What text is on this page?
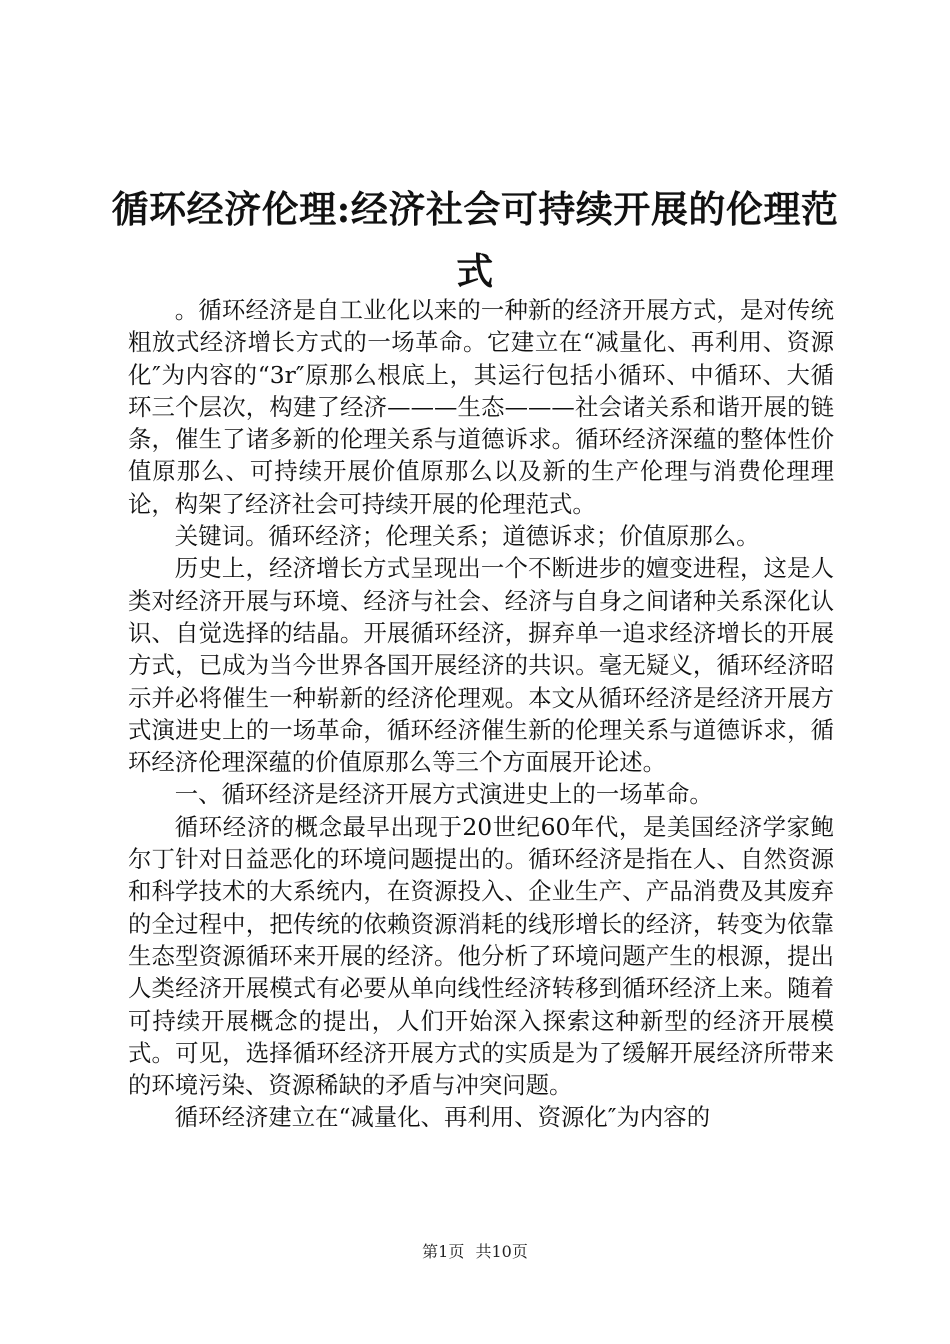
循环经济伦理:经济社会可持续开展的伦理范式

。循环经济是自工业化以来的一种新的经济开展方式，是对传统粗放式经济增长方式的一场革命。它建立在“减量化、再利用、资源化″为内容的“3r″原那么根底上，其运行包括小循环、中循环、大循环三个层次，构建了经济———生态———社会诸关系和谐开展的链条，催生了诸多新的伦理关系与道德诉求。循环经济深蕴的整体性价值原那么、可持续开展价值原那么以及新的生产伦理与消费伦理理论，构架了经济社会可持续开展的伦理范式。

关键词。循环经济；伦理关系；道德诉求；价值原那么。

历史上，经济增长方式呈现出一个不断进步的嬗变进程，这是人类对经济开展与环境、经济与社会、经济与自身之间诸种关系深化认识、自觉选择的结晶。开展循环经济，摒弃单一追求经济增长的开展方式，已成为当今世界各国开展经济的共识。毫无疑义，循环经济昭示并必将催生一种崭新的经济伦理观。本文从循环经济是经济开展方式演进史上的一场革命，循环经济催生新的伦理关系与道德诉求，循环经济伦理深蕴的价值原那么等三个方面展开论述。

一、循环经济是经济开展方式演进史上的一场革命。

循环经济的概念最早出现于20世纪60年代，是美国经济学家鲍尔丁针对日益恶化的环境问题提出的。循环经济是指在人、自然资源和科学技术的大系统内，在资源投入、企业生产、产品消费及其废弃的全过程中，把传统的依赖资源消耗的线形增长的经济，转变为依靠生态型资源循环来开展的经济。他分析了环境问题产生的根源，提出人类经济开展模式有必要从单向线性经济转移到循环经济上来。随着可持续开展概念的提出，人们开始深入探索这种新型的经济开展模式。可见，选择循环经济开展方式的实质是为了缓解开展经济所带来的环境污染、资源稀缺的矛盾与冲突问题。

循环经济建立在“减量化、再利用、资源化″为内容的

第1页 共10页
